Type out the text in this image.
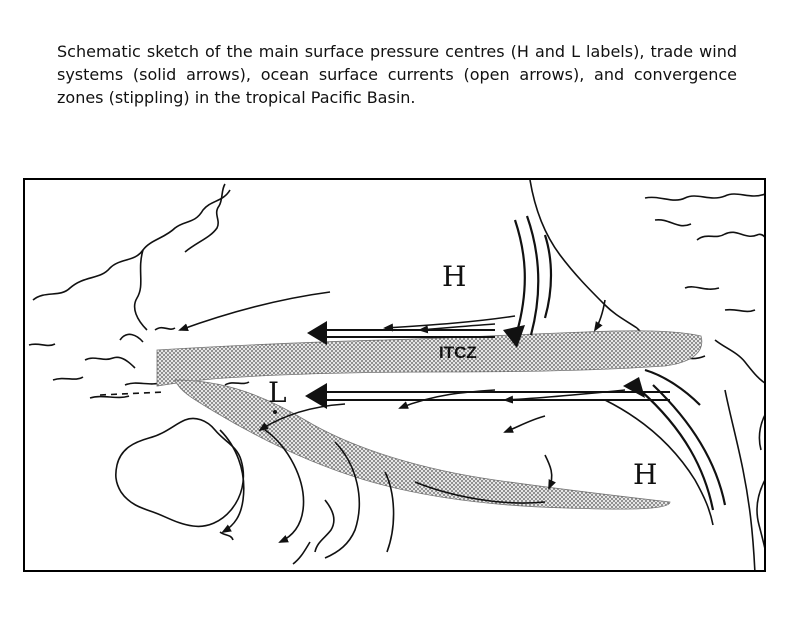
Schematic sketch of the main surface pressure centres (H and L labels), trade wind systems (solid arrows), ocean surface currents (open arrows), and convergence zones (stippling) in the tropical Pacific Basin.

H
H
L
ITCZ
